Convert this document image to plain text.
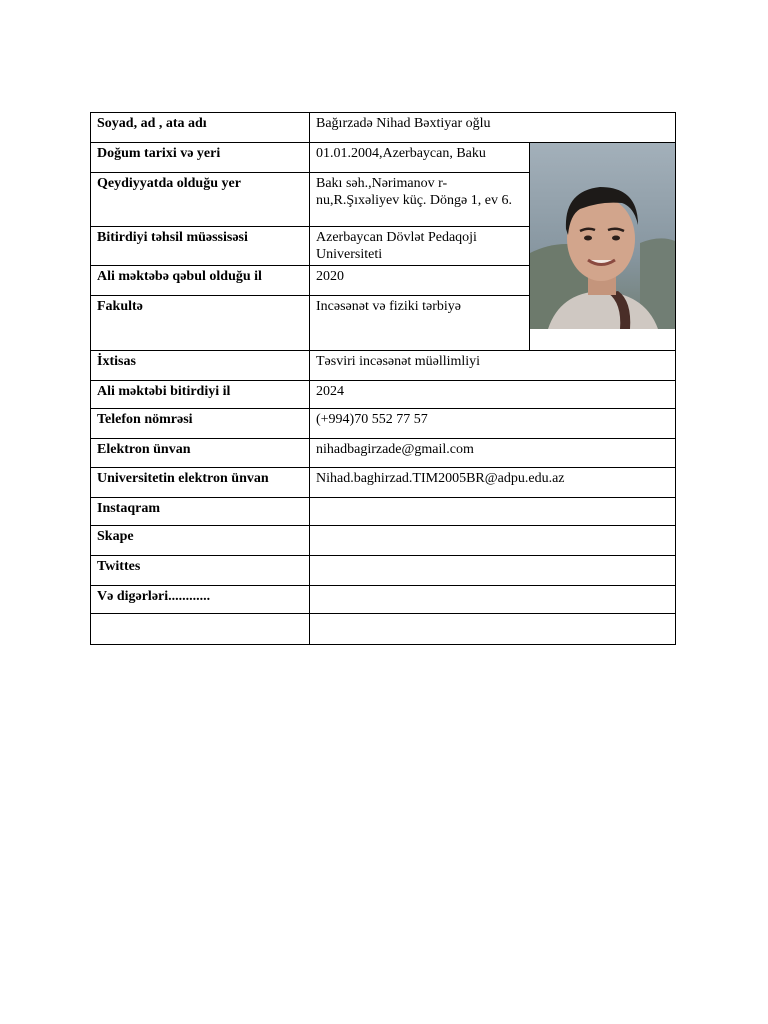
Soyad, ad , ata adı	Bağırzadə Nihad Bəxtiyar oğlu	
Doğum tarixi və yeri	01.01.2004,Azerbaycan, Baku	

Qeydiyyatda olduğu yer	Bakı səh.,Nərimanov r-nu,R.Şıxəliyev küç. Döngə 1, ev 6.	
Bitirdiyi təhsil müəssisəsi	Azerbaycan Dövlət Pedaqoji Universiteti	
Ali məktəbə qəbul olduğu il	2020	
Fakultə	Incəsənət və fiziki tərbiyə	
İxtisas	Təsviri incəsənət müəllimliyi	
Ali məktəbi bitirdiyi il	2024	
Telefon nömrəsi	(+994)70 552 77 57	
Elektron ünvan	nihadbagirzade@gmail.com	
Universitetin elektron ünvan	Nihad.baghirzad.TIM2005BR@adpu.edu.az	
Instaqram		
Skape		
Twittes		
Və digərləri............		
